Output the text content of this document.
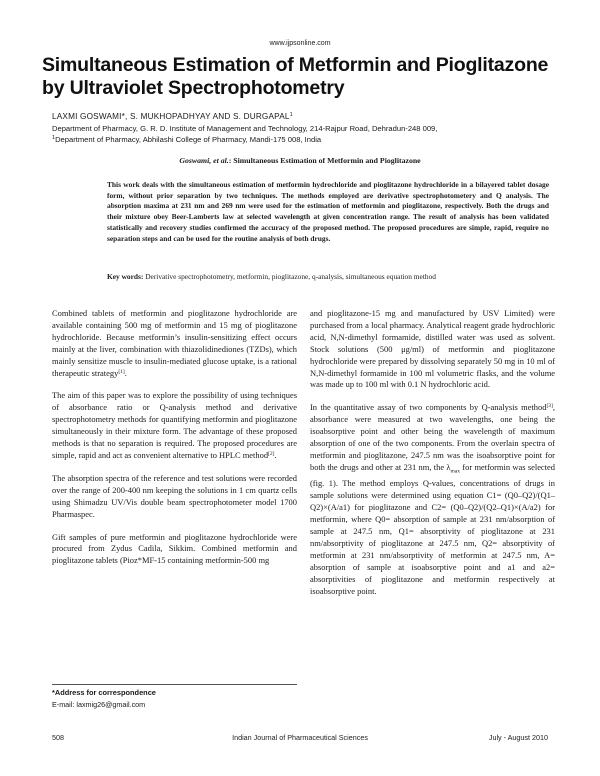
www.ijpsonline.com
Simultaneous Estimation of Metformin and Pioglitazone by Ultraviolet Spectrophotometry
LAXMI GOSWAMI*, S. MUKHOPADHYAY AND S. DURGAPAL$^1$
Department of Pharmacy, G. R. D. Institute of Management and Technology, 214-Rajpur Road, Dehradun-248 009,
$^1$Department of Pharmacy, Abhilashi College of Pharmacy, Mandi-175 008, India
Goswami, et al.: Simultaneous Estimation of Metformin and Pioglitazone

This work deals with the simultaneous estimation of metformin hydrochloride and pioglitazone hydrochloride in a bilayered tablet dosage form, without prior separation by two techniques. The methods employed are derivative spectrophotometery and Q analysis. The absorption maxima at 231 nm and 269 nm were used for the estimation of metformin and pioglitazone, respectively. Both the drugs and their mixture obey Beer-Lamberts law at selected wavelength at given concentration range. The result of analysis has been validated statistically and recovery studies confirmed the accuracy of the proposed method. The proposed procedures are simple, rapid, require no separation steps and can be used for the routine analysis of both drugs.

Key words: Derivative spectrophotometry, metformin, pioglitazone, q-analysis, simultaneous equation method

Combined tablets of metformin and pioglitazone hydrochloride are available containing 500 mg of metformin and 15 mg of pioglitazone hydrochloride. Because metformin’s insulin-sensitizing effect occurs mainly at the liver, combination with thiazolidinediones (TZDs), which mainly sensitize muscle to insulin-mediated glucose uptake, is a rational therapeutic strategy[1].

The aim of this paper was to explore the possibility of using techniques of absorbance ratio or Q-analysis method and derivative spectrophotometry methods for quantifying metformin and pioglitazone simultaneously in their mixture form. The advantage of these proposed methods is that no separation is required. The proposed procedures are simple, rapid and act as convenient alternative to HPLC method[2].

The absorption spectra of the reference and test solutions were recorded over the range of 200-400 nm keeping the solutions in 1 cm quartz cells using Shimadzu UV/Vis double beam spectrophotometer model 1700 Pharmaspec.

Gift samples of pure metformin and pioglitazone hydrochloride were procured from Zydus Cadila, Sikkim. Combined metformin and pioglitazone tablets (Pioz*MF-15 containing metformin-500 mg

and pioglitazone-15 mg and manufactured by USV Limited) were purchased from a local pharmacy. Analytical reagent grade hydrochloric acid, N,N-dimethyl formamide, distilled water was used as solvent. Stock solutions (500 μg/ml) of metformin and pioglitazone hydrochloride were prepared by dissolving separately 50 mg in 10 ml of N,N-dimethyl formamide in 100 ml volumetric flasks, and the volume was made up to 100 ml with 0.1 N hydrochloric acid.

In the quantitative assay of two components by Q-analysis method[3], absorbance were measured at two wavelengths, one being the isoabsorptive point and other being the wavelength of maximum absorption of one of the two components. From the overlain spectra of metformin and pioglitazone, 247.5 nm was the isoabsorptive point for both the drugs and other at 231 nm, the $\lambda_{max}$ for metformin was selected (fig. 1). The method employs Q-values, concentrations of drugs in sample solutions were determined using equation C1= (Q0–Q2)/(Q1–Q2)×(A/a1) for pioglitazone and C2= (Q0–Q2)/(Q2–Q1)×(A/a2) for metformin, where Q0= absorption of sample at 231 nm/absorption of sample at 247.5 nm, Q1= absorptivity of pioglitazone at 231 nm/absorptivity of pioglitazone at 247.5 nm, Q2= absorptivity of metformin at 231 nm/absorptivity of metformin at 247.5 nm, A= absorption of sample at isoabsorptive point and a1 and a2= absorptivities of pioglitazone and metformin respectively at isoabsorptive point.

*Address for correspondence
E-mail: laxmig26@gmail.com
508	Indian Journal of Pharmaceutical Sciences	July - August 2010
